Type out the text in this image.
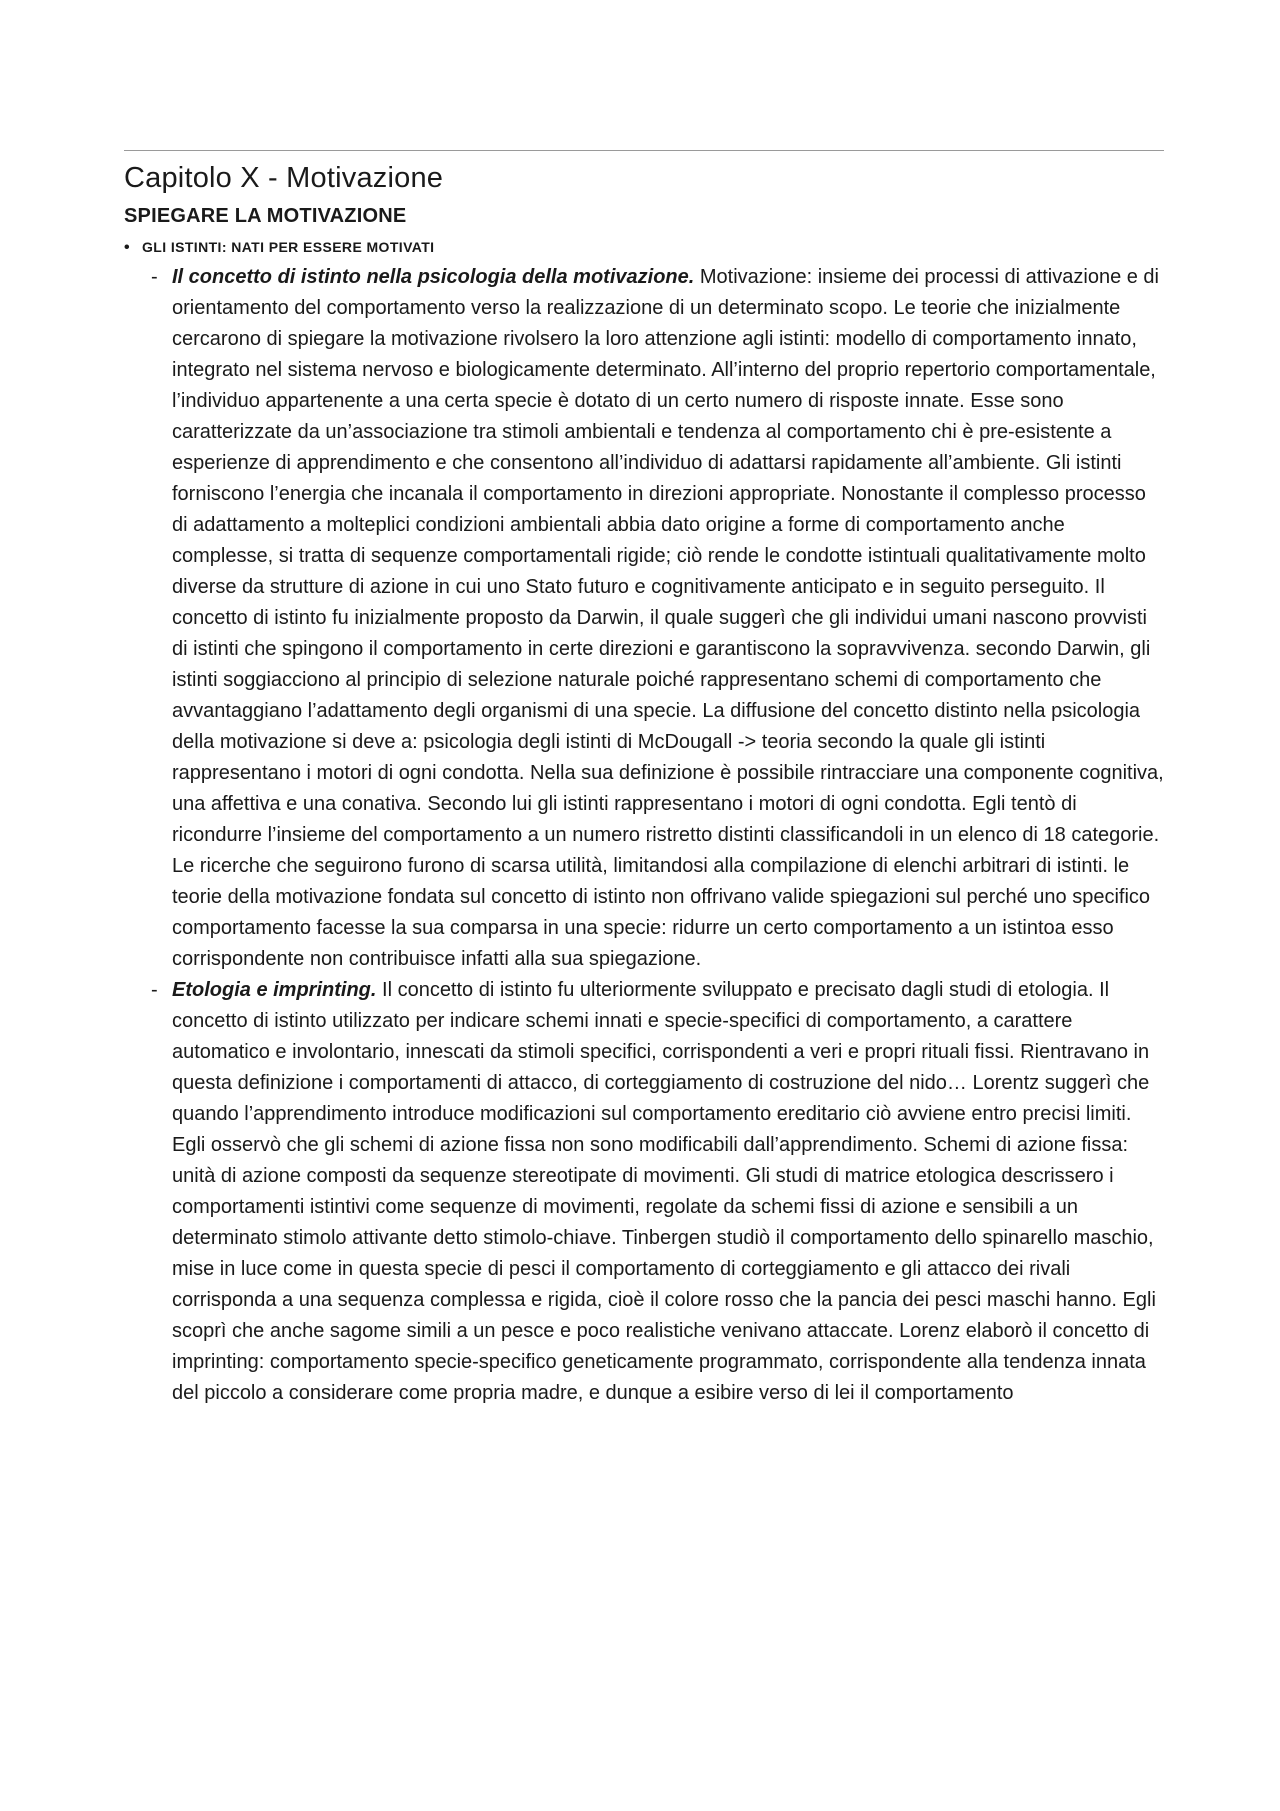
Capitolo X - Motivazione
SPIEGARE LA MOTIVAZIONE
• GLI ISTINTI: NATI PER ESSERE MOTIVATI
- Il concetto di istinto nella psicologia della motivazione. Motivazione: insieme dei processi di attivazione e di orientamento del comportamento verso la realizzazione di un determinato scopo. Le teorie che inizialmente cercarono di spiegare la motivazione rivolsero la loro attenzione agli istinti: modello di comportamento innato, integrato nel sistema nervoso e biologicamente determinato. All’interno del proprio repertorio comportamentale, l’individuo appartenente a una certa specie è dotato di un certo numero di risposte innate. Esse sono caratterizzate da un’associazione tra stimoli ambientali e tendenza al comportamento chi è pre-esistente a esperienze di apprendimento e che consentono all’individuo di adattarsi rapidamente all’ambiente. Gli istinti forniscono l’energia che incanala il comportamento in direzioni appropriate. Nonostante il complesso processo di adattamento a molteplici condizioni ambientali abbia dato origine a forme di comportamento anche complesse, si tratta di sequenze comportamentali rigide; ciò rende le condotte istintuali qualitativamente molto diverse da strutture di azione in cui uno Stato futuro e cognitivamente anticipato e in seguito perseguito. Il concetto di istinto fu inizialmente proposto da Darwin, il quale suggerì che gli individui umani nascono provvisti di istinti che spingono il comportamento in certe direzioni e garantiscono la sopravvivenza. secondo Darwin, gli istinti soggiacciono al principio di selezione naturale poiché rappresentano schemi di comportamento che avvantaggiano l’adattamento degli organismi di una specie. La diffusione del concetto distinto nella psicologia della motivazione si deve a: psicologia degli istinti di McDougall -> teoria secondo la quale gli istinti rappresentano i motori di ogni condotta. Nella sua definizione è possibile rintracciare una componente cognitiva, una affettiva e una conativa. Secondo lui gli istinti rappresentano i motori di ogni condotta. Egli tentò di ricondurre l’insieme del comportamento a un numero ristretto distinti classificandoli in un elenco di 18 categorie. Le ricerche che seguirono furono di scarsa utilità, limitandosi alla compilazione di elenchi arbitrari di istinti. le teorie della motivazione fondata sul concetto di istinto non offrivano valide spiegazioni sul perché uno specifico comportamento facesse la sua comparsa in una specie: ridurre un certo comportamento a un istintoa esso corrispondente non contribuisce infatti alla sua spiegazione.
- Etologia e imprinting. Il concetto di istinto fu ulteriormente sviluppato e precisato dagli studi di etologia. Il concetto di istinto utilizzato per indicare schemi innati e specie-specifici di comportamento, a carattere automatico e involontario, innescati da stimoli specifici, corrispondenti a veri e propri rituali fissi. Rientravano in questa definizione i comportamenti di attacco, di corteggiamento di costruzione del nido… Lorentz suggerì che quando l’apprendimento introduce modificazioni sul comportamento ereditario ciò avviene entro precisi limiti. Egli osservò che gli schemi di azione fissa non sono modificabili dall’apprendimento. Schemi di azione fissa: unità di azione composti da sequenze stereotipate di movimenti. Gli studi di matrice etologica descrissero i comportamenti istintivi come sequenze di movimenti, regolate da schemi fissi di azione e sensibili a un determinato stimolo attivante detto stimolo-chiave. Tinbergen studiò il comportamento dello spinarello maschio, mise in luce come in questa specie di pesci il comportamento di corteggiamento e gli attacco dei rivali corrisponda a una sequenza complessa e rigida, cioè il colore rosso che la pancia dei pesci maschi hanno. Egli scoprì che anche sagome simili a un pesce e poco realistiche venivano attaccate. Lorenz elaborò il concetto di imprinting: comportamento specie-specifico geneticamente programmato, corrispondente alla tendenza innata del piccolo a considerare come propria madre, e dunque a esibire verso di lei il comportamento
